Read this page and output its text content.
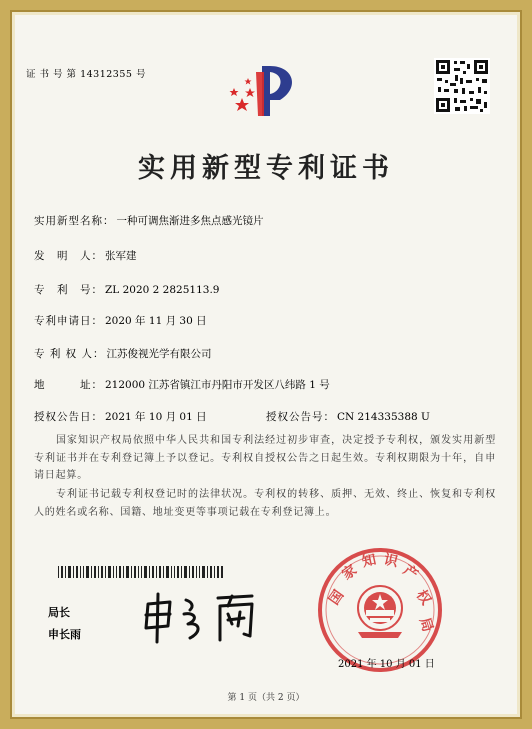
证 书 号 第 14312355 号
实用新型专利证书
实用新型名称： 一种可调焦渐进多焦点感光镜片
发　明　人： 张军建
专　利　号： ZL 2020 2 2825113.9
专利申请日： 2020 年 11 月 30 日
专 利 权 人： 江苏俊视光学有限公司
地　　　址： 212000 江苏省镇江市丹阳市开发区八纬路 1 号
授权公告日： 2021 年 10 月 01 日	授权公告号： CN 214335388 U
国家知识产权局依照中华人民共和国专利法经过初步审查，决定授予专利权，颁发实用新型专利证书并在专利登记簿上予以登记。专利权自授权公告之日起生效。专利权期限为十年，自申请日起算。
专利证书记载专利权登记时的法律状况。专利权的转移、质押、无效、终止、恢复和专利权人的姓名或名称、国籍、地址变更等事项记载在专利登记簿上。
局长
申长雨
国
家
知 识
产
权
局
2021 年 10 月 01 日
第 1 页（共 2 页）
